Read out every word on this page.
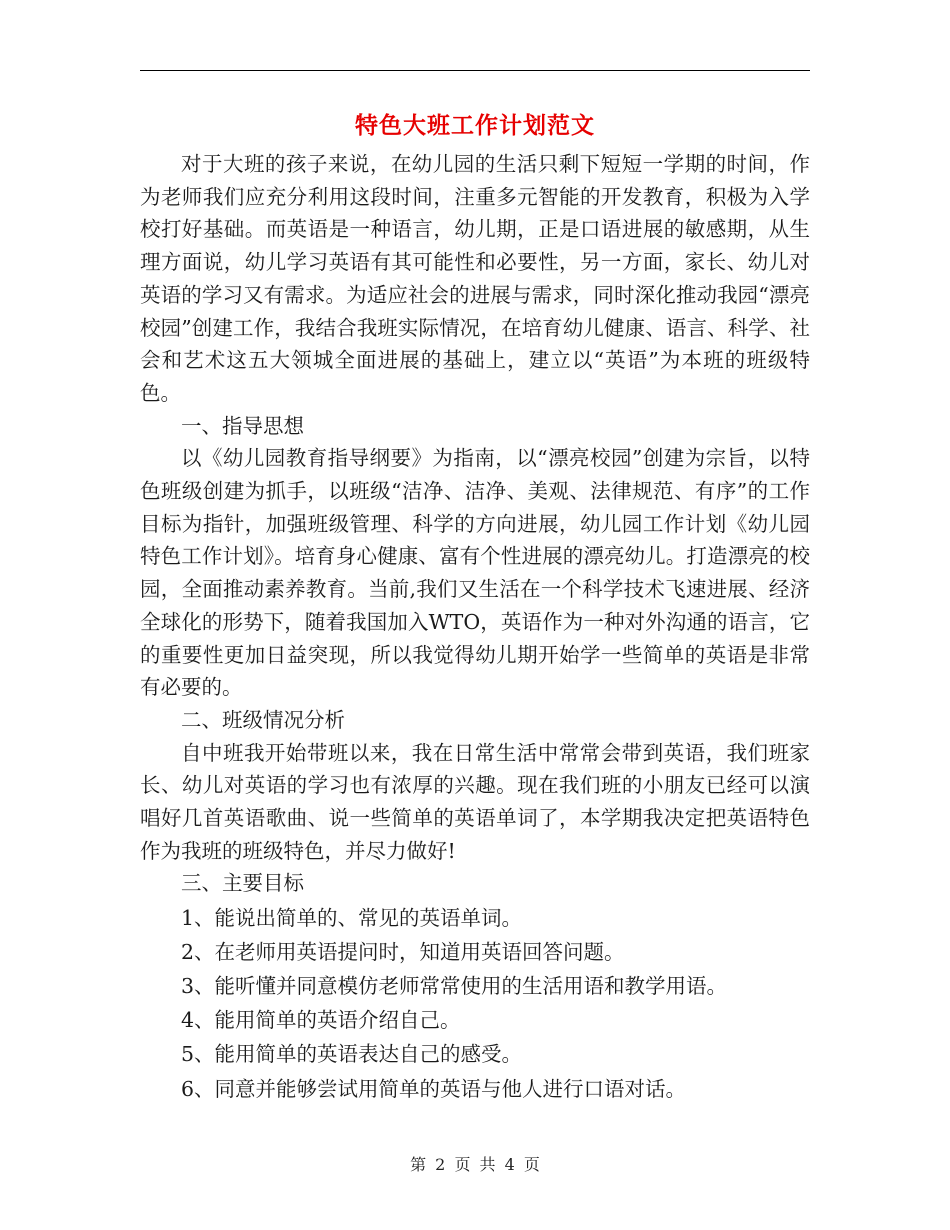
特色大班工作计划范文

对于大班的孩子来说，在幼儿园的生活只剩下短短一学期的时间，作为老师我们应充分利用这段时间，注重多元智能的开发教育，积极为入学校打好基础。而英语是一种语言，幼儿期，正是口语进展的敏感期，从生理方面说，幼儿学习英语有其可能性和必要性，另一方面，家长、幼儿对英语的学习又有需求。为适应社会的进展与需求，同时深化推动我园“漂亮校园”创建工作，我结合我班实际情况，在培育幼儿健康、语言、科学、社会和艺术这五大领城全面进展的基础上，建立以“英语”为本班的班级特色。

一、指导思想

以《幼儿园教育指导纲要》为指南，以“漂亮校园”创建为宗旨，以特色班级创建为抓手，以班级“洁净、洁净、美观、法律规范、有序”的工作目标为指针，加强班级管理、科学的方向进展，幼儿园工作计划《幼儿园特色工作计划》。培育身心健康、富有个性进展的漂亮幼儿。打造漂亮的校园，全面推动素养教育。当前,我们又生活在一个科学技术飞速进展、经济全球化的形势下，随着我国加入WTO，英语作为一种对外沟通的语言，它的重要性更加日益突现，所以我觉得幼儿期开始学一些简单的英语是非常有必要的。

二、班级情况分析

自中班我开始带班以来，我在日常生活中常常会带到英语，我们班家长、幼儿对英语的学习也有浓厚的兴趣。现在我们班的小朋友已经可以演唱好几首英语歌曲、说一些简单的英语单词了，本学期我决定把英语特色作为我班的班级特色，并尽力做好!

三、主要目标

1、能说出简单的、常见的英语单词。

2、在老师用英语提问时，知道用英语回答问题。

3、能听懂并同意模仿老师常常使用的生活用语和教学用语。

4、能用简单的英语介绍自己。

5、能用简单的英语表达自己的感受。

6、同意并能够尝试用简单的英语与他人进行口语对话。

第 2 页 共 4 页
